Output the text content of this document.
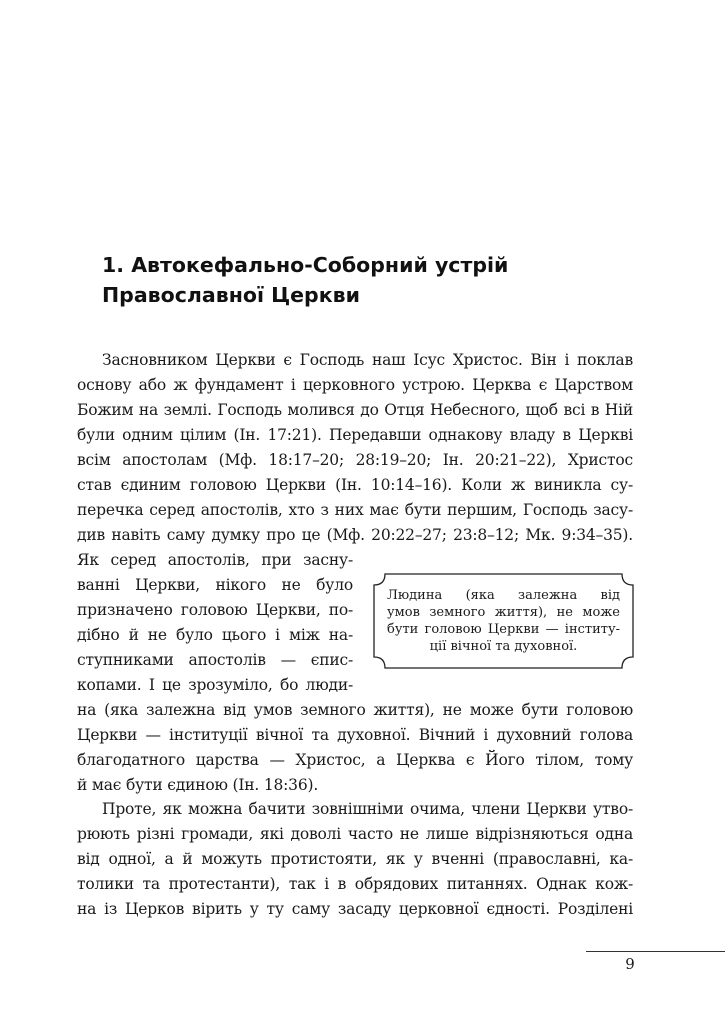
1. Автокефально-Соборний устрій
Православної Церкви
Засновником Церкви є Господь наш Ісус Христос. Він і поклав
основу або ж фундамент і церковного устрою. Церква є Царством
Божим на землі. Господь молився до Отця Небесного, щоб всі в Ній
були одним цілим (Ін. 17:21). Передавши однакову владу в Церкві
всім апостолам (Мф. 18:17–20; 28:19–20; Ін. 20:21–22), Христос
став єдиним головою Церкви (Ін. 10:14–16). Коли ж виникла су-
перечка серед апостолів, хто з них має бути першим, Господь засу-
див навіть саму думку про це (Мф. 20:22–27; 23:8–12; Мк. 9:34–35).
Як серед апостолів, при засну-
ванні Церкви, нікого не було
призначено головою Церкви, по-
дібно й не було цього і між на-
ступниками апостолів — єпис-
копами. І це зрозуміло, бо люди-
на (яка залежна від умов земного життя), не може бути головою
Церкви — інституції вічної та духовної. Вічний і духовний голова
благодатного царства — Христос, а Церква є Його тілом, тому
й має бути єдиною (Ін. 18:36).
Людина (яка залежна від
умов земного життя), не може
бути головою Церкви — інститу-
ції вічної та духовної.
Проте, як можна бачити зовнішніми очима, члени Церкви утво-
рюють різні громади, які доволі часто не лише відрізняються одна
від одної, а й можуть протистояти, як у вченні (православні, ка-
толики та протестанти), так і в обрядових питаннях. Однак кож-
на із Церков вірить у ту саму засаду церковної єдності. Розділені
9
